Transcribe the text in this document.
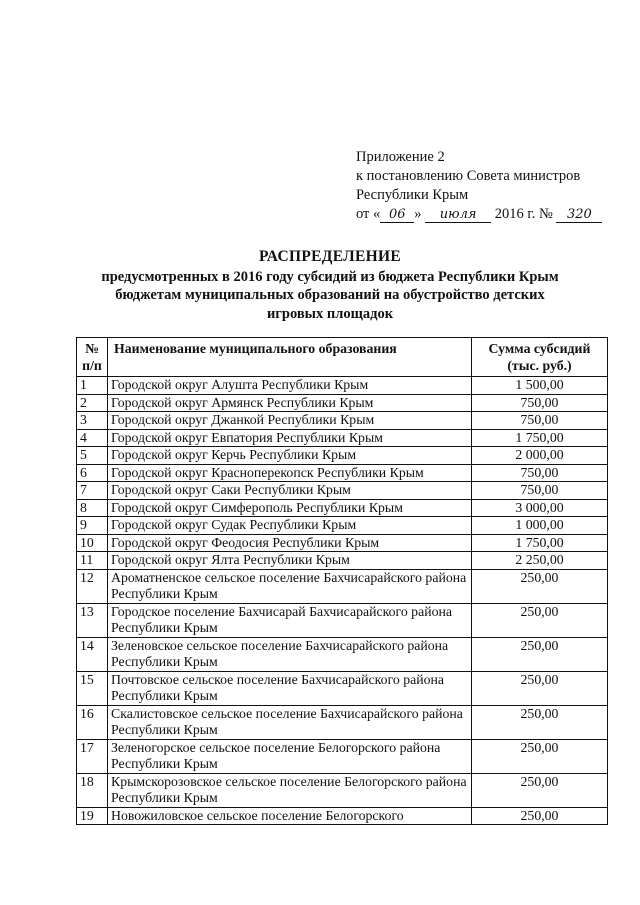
Приложение 2
к постановлению Совета министров
Республики Крым
от « 06 » июля 2016 г. № 320
РАСПРЕДЕЛЕНИЕ
предусмотренных в 2016 году субсидий из бюджета Республики Крым
бюджетам муниципальных образований на обустройство детских
игровых площадок
№ п/п	Наименование муниципального образования	Сумма субсидий (тыс. руб.)
1	Городской округ Алушта Республики Крым	1 500,00
2	Городской округ Армянск Республики Крым	750,00
3	Городской округ Джанкой Республики Крым	750,00
4	Городской округ Евпатория Республики Крым	1 750,00
5	Городской округ Керчь Республики Крым	2 000,00
6	Городской округ Красноперекопск Республики Крым	750,00
7	Городской округ Саки Республики Крым	750,00
8	Городской округ Симферополь Республики Крым	3 000,00
9	Городской округ Судак Республики Крым	1 000,00
10	Городской округ Феодосия Республики Крым	1 750,00
11	Городской округ Ялта Республики Крым	2 250,00
12	Ароматненское сельское поселение Бахчисарайского района Республики Крым	250,00
13	Городское поселение Бахчисарай Бахчисарайского района Республики Крым	250,00
14	Зеленовское сельское поселение Бахчисарайского района Республики Крым	250,00
15	Почтовское сельское поселение Бахчисарайского района Республики Крым	250,00
16	Скалистовское сельское поселение Бахчисарайского района Республики Крым	250,00
17	Зеленогорское сельское поселение Белогорского района Республики Крым	250,00
18	Крымскорозовское сельское поселение Белогорского района Республики Крым	250,00
19	Новожиловское сельское поселение Белогорского	250,00
